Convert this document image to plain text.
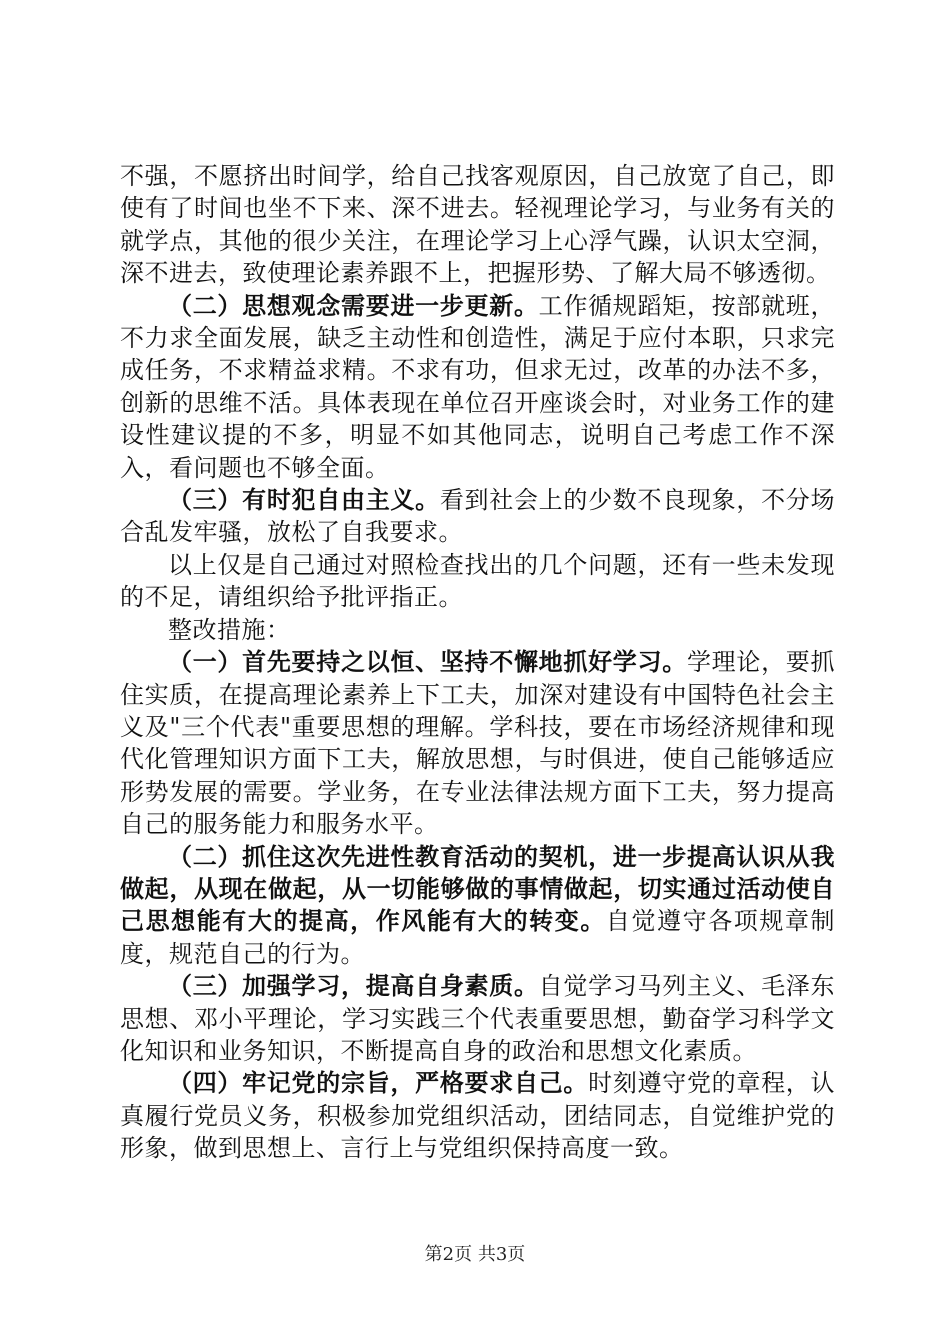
不强，不愿挤出时间学，给自己找客观原因，自己放宽了自己，即使有了时间也坐不下来、深不进去。轻视理论学习，与业务有关的就学点，其他的很少关注，在理论学习上心浮气躁，认识太空洞，深不进去，致使理论素养跟不上，把握形势、了解大局不够透彻。

（二）思想观念需要进一步更新。工作循规蹈矩，按部就班，不力求全面发展，缺乏主动性和创造性，满足于应付本职，只求完成任务，不求精益求精。不求有功，但求无过，改革的办法不多，创新的思维不活。具体表现在单位召开座谈会时，对业务工作的建设性建议提的不多，明显不如其他同志，说明自己考虑工作不深入，看问题也不够全面。

（三）有时犯自由主义。看到社会上的少数不良现象，不分场合乱发牢骚，放松了自我要求。

以上仅是自己通过对照检查找出的几个问题，还有一些未发现的不足，请组织给予批评指正。

整改措施：

（一）首先要持之以恒、坚持不懈地抓好学习。学理论，要抓住实质，在提高理论素养上下工夫，加深对建设有中国特色社会主义及"三个代表"重要思想的理解。学科技，要在市场经济规律和现代化管理知识方面下工夫，解放思想，与时俱进，使自己能够适应形势发展的需要。学业务，在专业法律法规方面下工夫，努力提高自己的服务能力和服务水平。

（二）抓住这次先进性教育活动的契机，进一步提高认识从我做起，从现在做起，从一切能够做的事情做起，切实通过活动使自己思想能有大的提高，作风能有大的转变。自觉遵守各项规章制度，规范自己的行为。

（三）加强学习，提高自身素质。自觉学习马列主义、毛泽东思想、邓小平理论，学习实践三个代表重要思想，勤奋学习科学文化知识和业务知识，不断提高自身的政治和思想文化素质。

（四）牢记党的宗旨，严格要求自己。时刻遵守党的章程，认真履行党员义务，积极参加党组织活动，团结同志，自觉维护党的形象，做到思想上、言行上与党组织保持高度一致。

第2页 共3页
